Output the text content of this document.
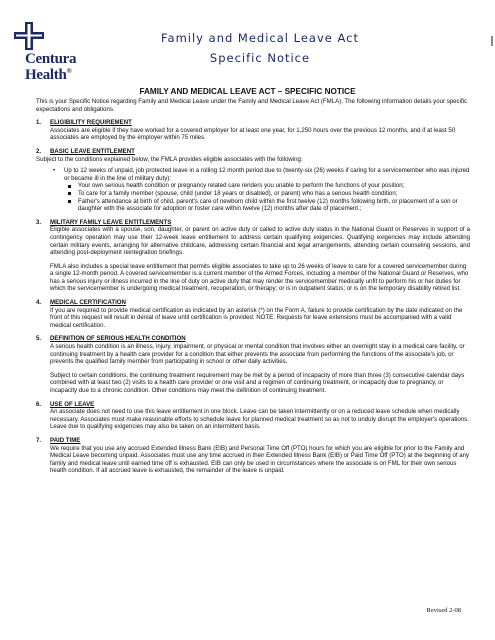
Centura
Health®
Family and Medical Leave Act
Specific Notice
FAMILY AND MEDICAL LEAVE ACT – SPECIFIC NOTICE

This is your Specific Notice regarding Family and Medical Leave under the Family and Medical Leave Act (FMLA). The following information details your specific expectations and obligations.

1.	ELIGIBILITY REQUIREMENT

Associates are eligible if they have worked for a covered employer for at least one year, for 1,250 hours over the previous 12 months, and if at least 50 associates are employed by the employer within 75 miles.

2.	BASIC LEAVE ENTITLEMENT

Subject to the conditions explained below, the FMLA provides eligible associates with the following:

• Up to 12 weeks of unpaid, job protected leave in a rolling 12 month period due to (twenty-six (26) weeks if caring for a servicemember who was injured or became ill in the line of military duty):
Your own serious health condition or pregnancy related care renders you unable to perform the functions of your position;
To care for a family member (spouse, child (under 18 years or disabled), or parent) who has a serious health condition;
Father's attendance at birth of child, parent's care of newborn child within the first twelve (12) months following birth, or placement of a son or daughter with the associate for adoption or foster care within twelve (12) months after date of placement.;
3.	MILITARY FAMILY LEAVE ENTITLEMENTS

Eligible associates with a spouse, son, daughter, or parent on active duty or called to active duty status in the National Guard or Reserves in support of a contingency operation may use their 12-week leave entitlement to address certain qualifying exigencies. Qualifying exigencies may include attending certain military events, arranging for alternative childcare, addressing certain financial and legal arrangements, attending certain counseling sessions, and attending post-deployment reintegration briefings.

FMLA also includes a special leave entitlement that permits eligible associates to take up to 26 weeks of leave to care for a covered servicemember during a single 12-month period. A covered servicemember is a current member of the Armed Forces, including a member of the National Guard or Reserves, who has a serious injury or illness incurred in the line of duty on active duty that may render the servicemember medically unfit to perform his or her duties for which the servicemember is undergoing medical treatment, recuperation, or therapy; or is in outpatient status; or is on the temporary disability retired list.

4.	MEDICAL CERTIFICATION

If you are required to provide medical certification as indicated by an asterisk (*) on the Form A, failure to provide certification by the date indicated on the front of this request will result in denial of leave until certification is provided. NOTE: Requests for leave extensions must be accompanied with a valid medical certification.

5.	DEFINITION OF SERIOUS HEALTH CONDITION

A serious health condition is an illness, injury, impairment, or physical or mental condition that involves either an overnight stay in a medical care facility, or continuing treatment by a health care provider for a condition that either prevents the associate from performing the functions of the associate's job, or prevents the qualified family member from participating in school or other daily activities.

Subject to certain conditions, the continuing treatment requirement may be met by a period of incapacity of more than three (3) consecutive calendar days combined with at least two (2) visits to a health care provider or one visit and a regimen of continuing treatment, or incapacity due to pregnancy, or incapacity due to a chronic condition. Other conditions may meet the definition of continuing treatment.

6.	USE OF LEAVE

An associate does not need to use this leave entitlement in one block. Leave can be taken intermittently or on a reduced leave schedule when medically necessary. Associates must make reasonable efforts to schedule leave for planned medical treatment so as not to unduly disrupt the employer's operations. Leave due to qualifying exigencies may also be taken on an intermittent basis.

7.	PAID TIME

We require that you use any accrued Extended Illness Bank (EIB) and Personal Time Off (PTO) hours for which you are eligible for prior to the Family and Medical Leave becoming unpaid. Associates must use any time accrued in their Extended Illness Bank (EIB) or Paid Time Off (PTO) at the beginning of any family and medical leave until earned time off is exhausted. EIB can only be used in circumstances where the associate is on FML for their own serious health condition. If all accrued leave is exhausted, the remainder of the leave is unpaid.

Revised 2-08
